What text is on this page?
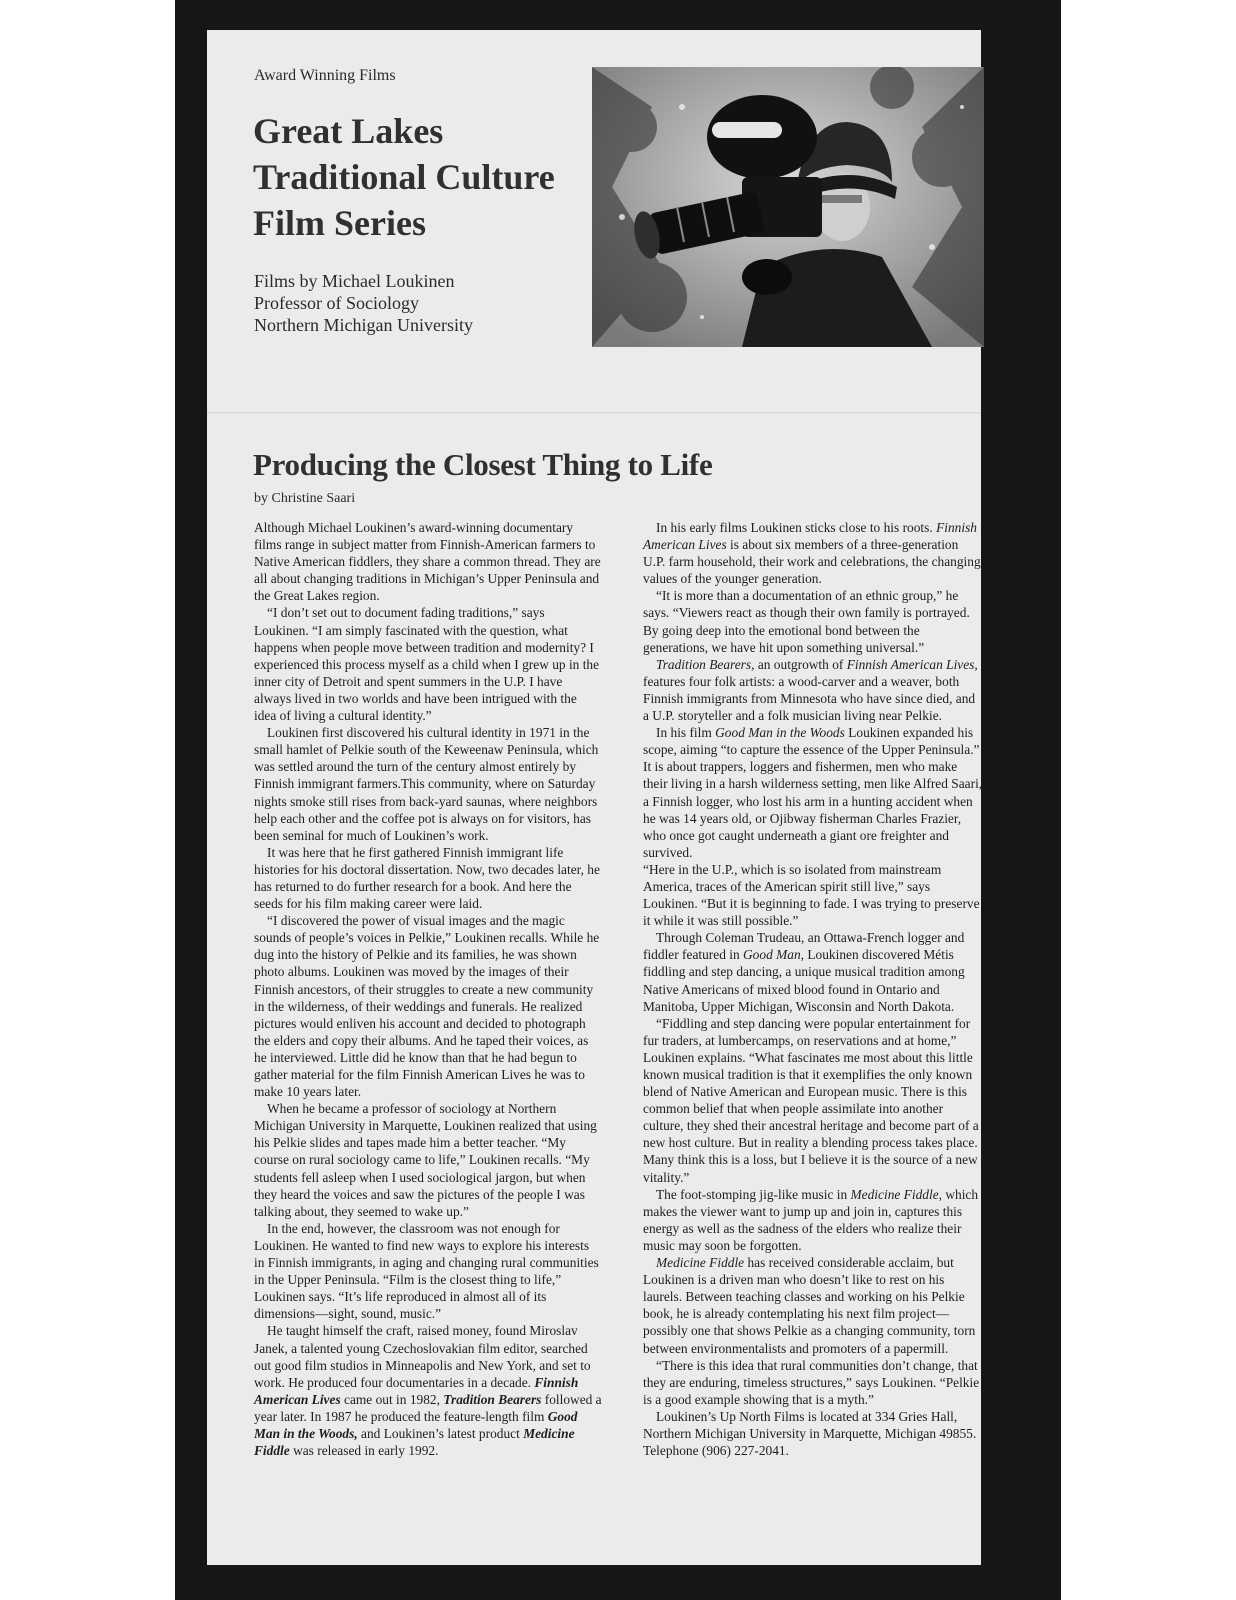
Award Winning Films
Great Lakes
Traditional Culture
Film Series
Films by Michael Loukinen
Professor of Sociology
Northern Michigan University
Producing the Closest Thing to Life
by Christine Saari

Although Michael Loukinen’s award-winning documentary films range in subject matter from Finnish-American farmers to Native American fiddlers, they share a common thread. They are all about changing traditions in Michigan’s Upper Peninsula and the Great Lakes region.

“I don’t set out to document fading traditions,” says Loukinen. “I am simply fascinated with the question, what happens when people move between tradition and modernity? I experienced this process myself as a child when I grew up in the inner city of Detroit and spent summers in the U.P. I have always lived in two worlds and have been intrigued with the idea of living a cultural identity.”

Loukinen first discovered his cultural identity in 1971 in the small hamlet of Pelkie south of the Keweenaw Peninsula, which was settled around the turn of the century almost entirely by Finnish immigrant farmers.This community, where on Saturday nights smoke still rises from back-yard saunas, where neighbors help each other and the coffee pot is always on for visitors, has been seminal for much of Loukinen’s work.

It was here that he first gathered Finnish immigrant life histories for his doctoral dissertation. Now, two decades later, he has returned to do further research for a book. And here the seeds for his film making career were laid.

“I discovered the power of visual images and the magic sounds of people’s voices in Pelkie,” Loukinen recalls. While he dug into the history of Pelkie and its families, he was shown photo albums. Loukinen was moved by the images of their Finnish ancestors, of their struggles to create a new community in the wilderness, of their weddings and funerals. He realized pictures would enliven his account and decided to photograph the elders and copy their albums. And he taped their voices, as he interviewed. Little did he know than that he had begun to gather material for the film Finnish American Lives he was to make 10 years later.

When he became a professor of sociology at Northern Michigan University in Marquette, Loukinen realized that using his Pelkie slides and tapes made him a better teacher. “My course on rural sociology came to life,” Loukinen recalls. “My students fell asleep when I used sociological jargon, but when they heard the voices and saw the pictures of the people I was talking about, they seemed to wake up.”

In the end, however, the classroom was not enough for Loukinen. He wanted to find new ways to explore his interests in Finnish immigrants, in aging and changing rural communities in the Upper Peninsula. “Film is the closest thing to life,” Loukinen says. “It’s life reproduced in almost all of its dimensions—sight, sound, music.”

He taught himself the craft, raised money, found Miroslav Janek, a talented young Czechoslovakian film editor, searched out good film studios in Minneapolis and New York, and set to work. He produced four documentaries in a decade. Finnish American Lives came out in 1982, Tradition Bearers followed a year later. In 1987 he produced the feature-length film Good Man in the Woods, and Loukinen’s latest product Medicine Fiddle was released in early 1992.

In his early films Loukinen sticks close to his roots. Finnish American Lives is about six members of a three-generation U.P. farm household, their work and celebrations, the changing values of the younger generation.

“It is more than a documentation of an ethnic group,” he says. “Viewers react as though their own family is portrayed. By going deep into the emotional bond between the generations, we have hit upon something universal.”

Tradition Bearers, an outgrowth of Finnish American Lives, features four folk artists: a wood-carver and a weaver, both Finnish immigrants from Minnesota who have since died, and a U.P. storyteller and a folk musician living near Pelkie.

In his film Good Man in the Woods Loukinen expanded his scope, aiming “to capture the essence of the Upper Peninsula.” It is about trappers, loggers and fishermen, men who make their living in a harsh wilderness setting, men like Alfred Saari, a Finnish logger, who lost his arm in a hunting accident when he was 14 years old, or Ojibway fisherman Charles Frazier, who once got caught underneath a giant ore freighter and survived.

“Here in the U.P., which is so isolated from mainstream America, traces of the American spirit still live,” says Loukinen. “But it is beginning to fade. I was trying to preserve it while it was still possible.”

Through Coleman Trudeau, an Ottawa-French logger and fiddler featured in Good Man, Loukinen discovered Métis fiddling and step dancing, a unique musical tradition among Native Americans of mixed blood found in Ontario and Manitoba, Upper Michigan, Wisconsin and North Dakota.

“Fiddling and step dancing were popular entertainment for fur traders, at lumbercamps, on reservations and at home,” Loukinen explains. “What fascinates me most about this little known musical tradition is that it exemplifies the only known blend of Native American and European music. There is this common belief that when people assimilate into another culture, they shed their ancestral heritage and become part of a new host culture. But in reality a blending process takes place. Many think this is a loss, but I believe it is the source of a new vitality.”

The foot-stomping jig-like music in Medicine Fiddle, which makes the viewer want to jump up and join in, captures this energy as well as the sadness of the elders who realize their music may soon be forgotten.

Medicine Fiddle has received considerable acclaim, but Loukinen is a driven man who doesn’t like to rest on his laurels. Between teaching classes and working on his Pelkie book, he is already contemplating his next film project—possibly one that shows Pelkie as a changing community, torn between environmentalists and promoters of a papermill.

“There is this idea that rural communities don’t change, that they are enduring, timeless structures,” says Loukinen. “Pelkie is a good example showing that is a myth.”

Loukinen’s Up North Films is located at 334 Gries Hall, Northern Michigan University in Marquette, Michigan 49855. Telephone (906) 227-2041.
